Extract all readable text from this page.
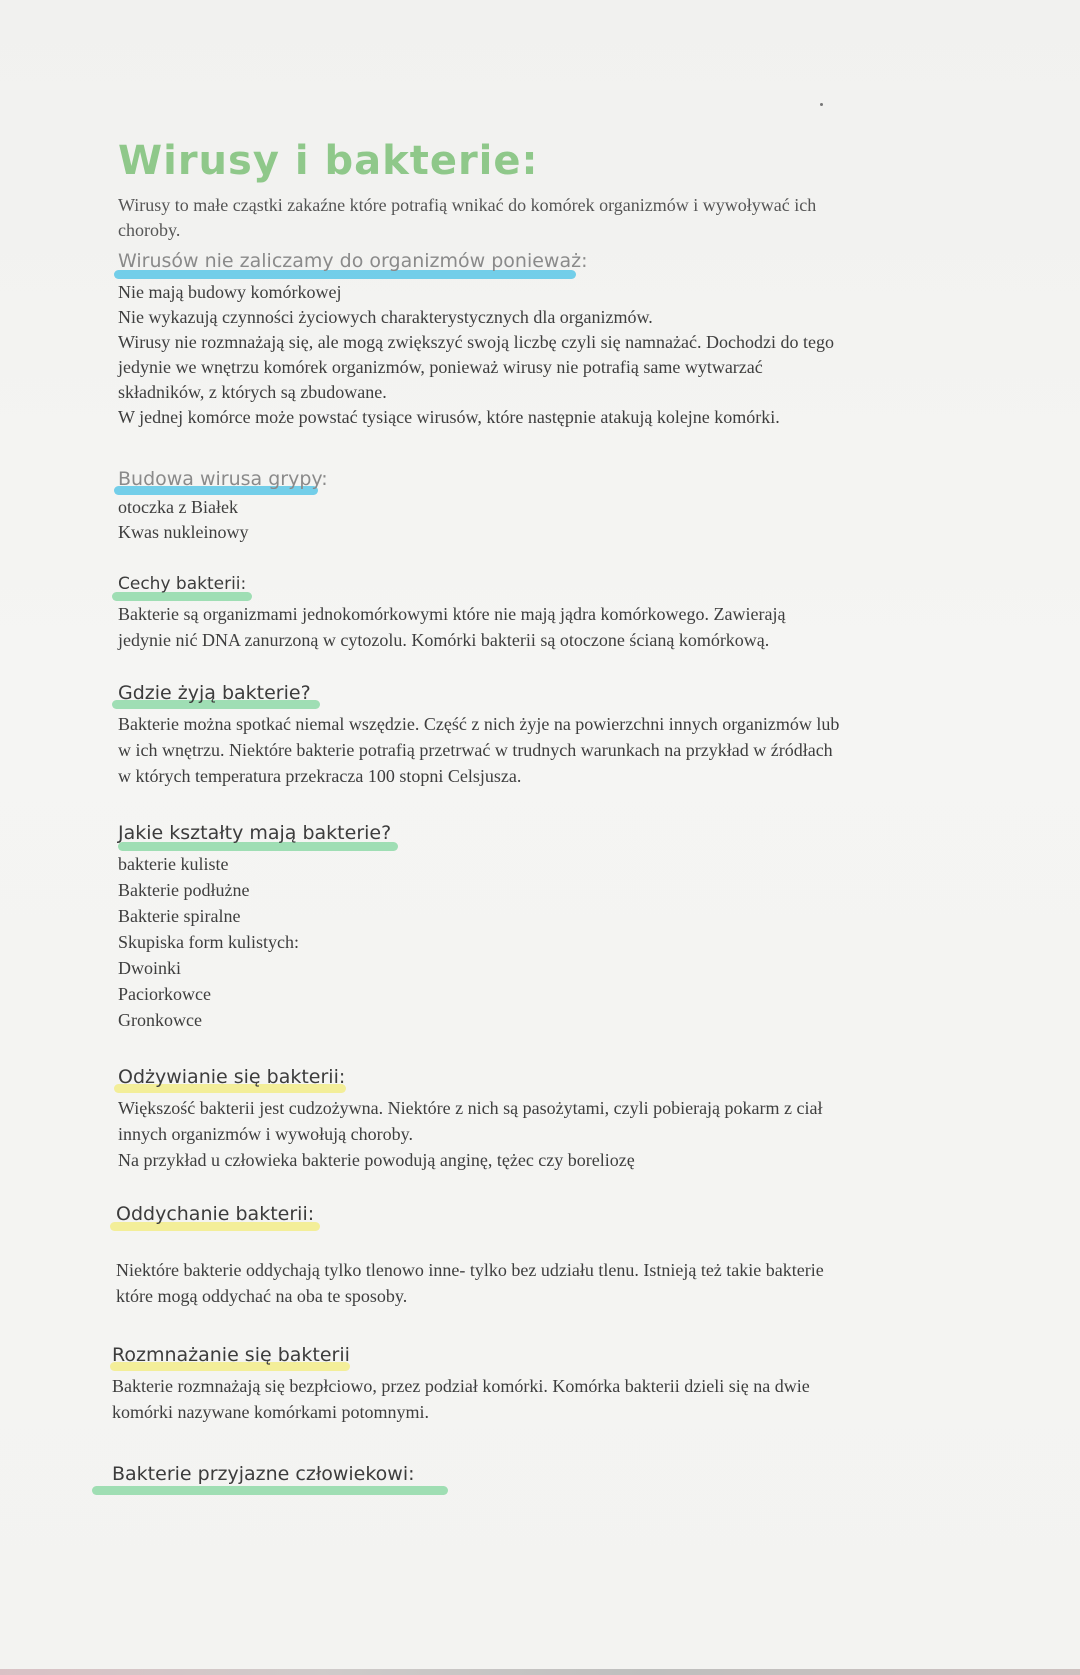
Wirusy i bakterie:
Wirusy to małe cząstki zakaźne które potrafią wnikać do komórek organizmów i wywoływać ich
choroby.
Wirusów nie zaliczamy do organizmów ponieważ:
Nie mają budowy komórkowej
Nie wykazują czynności życiowych charakterystycznych dla organizmów.
Wirusy nie rozmnażają się, ale mogą zwiększyć swoją liczbę czyli się namnażać. Dochodzi do tego
jedynie we wnętrzu komórek organizmów, ponieważ wirusy nie potrafią same wytwarzać
składników, z których są zbudowane.
W jednej komórce może powstać tysiące wirusów, które następnie atakują kolejne komórki.
Budowa wirusa grypy:
otoczka z Białek
Kwas nukleinowy
Cechy bakterii:
Bakterie są organizmami jednokomórkowymi które nie mają jądra komórkowego. Zawierają
jedynie nić DNA zanurzoną w cytozolu. Komórki bakterii są otoczone ścianą komórkową.
Gdzie żyją bakterie?
Bakterie można spotkać niemal wszędzie. Część z nich żyje na powierzchni innych organizmów lub
w ich wnętrzu. Niektóre bakterie potrafią przetrwać w trudnych warunkach na przykład w źródłach
w których temperatura przekracza 100 stopni Celsjusza.
Jakie kształty mają bakterie?
bakterie kuliste
Bakterie podłużne
Bakterie spiralne
Skupiska form kulistych:
Dwoinki
Paciorkowce
Gronkowce
Odżywianie się bakterii:
Większość bakterii jest cudzożywna. Niektóre z nich są pasożytami, czyli pobierają pokarm z ciał
innych organizmów i wywołują choroby.
Na przykład u człowieka bakterie powodują anginę, tężec czy boreliozę
Oddychanie bakterii:
Niektóre bakterie oddychają tylko tlenowo inne- tylko bez udziału tlenu. Istnieją też takie bakterie
które mogą oddychać na oba te sposoby.
Rozmnażanie się bakterii
Bakterie rozmnażają się bezpłciowo, przez podział komórki. Komórka bakterii dzieli się na dwie
komórki nazywane komórkami potomnymi.
Bakterie przyjazne człowiekowi:
